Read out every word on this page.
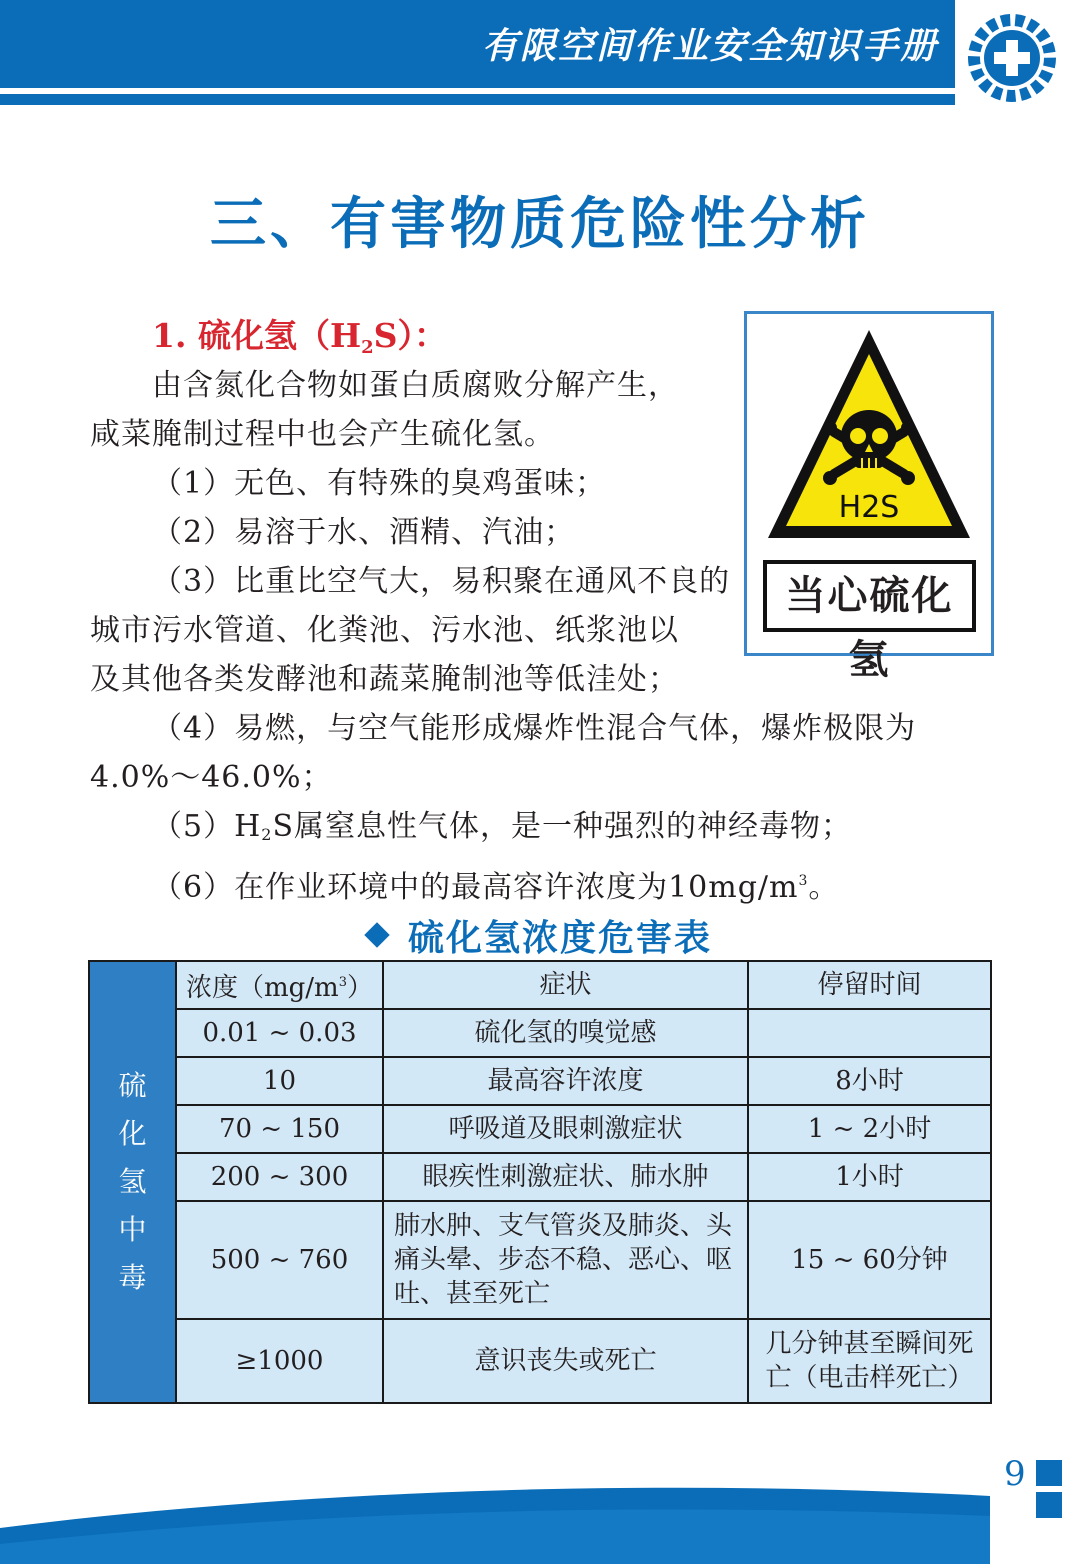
有限空间作业安全知识手册
三、有害物质危险性分析
1. 硫化氢$(H_2S)$：
由含氮化合物如蛋白质腐败分解产生，
咸菜腌制过程中也会产生硫化氢。
（1）无色、有特殊的臭鸡蛋味；
（2）易溶于水、酒精、汽油；
（3）比重比空气大，易积聚在通风不良的
城市污水管道、化粪池、污水池、纸浆池以
及其他各类发酵池和蔬菜腌制池等低洼处；
（4）易燃，与空气能形成爆炸性混合气体，爆炸极限为
4.0%～46.0%；
$(5)H_2S$属窒息性气体，是一种强烈的神经毒物；
（6）在作业环境中的最高容许浓度为$10mg/m^3$。
H2S
当心硫化氢
硫化氢浓度危害表
硫
化
氢
中
毒	浓度$(mg/m^3)$	症状	停留时间
	0.01 ~ 0.03	硫化氢的嗅觉感	
	10	最高容许浓度	8小时
	70 ~ 150	呼吸道及眼刺激症状	1 ~ 2小时
	200 ~ 300	眼疾性刺激症状、肺水肿	1小时
	500 ~ 760	肺水肿、支气管炎及肺炎、头痛头晕、步态不稳、恶心、呕吐、甚至死亡	15 ~ 60分钟
	≥1000	意识丧失或死亡	几分钟甚至瞬间死亡（电击样死亡）
9
